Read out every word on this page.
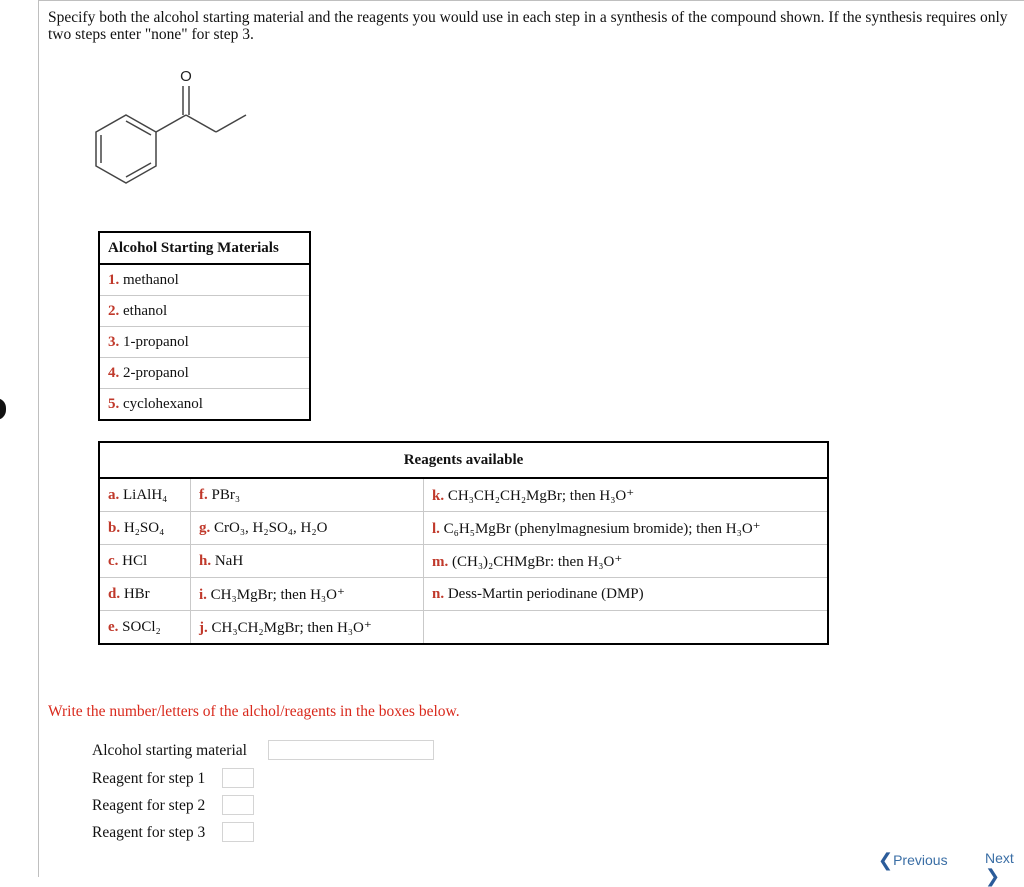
Specify both the alcohol starting material and the reagents you would use in each step in a synthesis of the compound shown. If the synthesis requires only two steps enter "none" for step 3.
O
Alcohol Starting Materials
1. methanol
2. ethanol
3. 1-propanol
4. 2-propanol
5. cyclohexanol
Reagents available		
a. LiAlH₄	f. PBr₃	k. CH₃CH₂CH₂MgBr; then H₃O⁺
b. H₂SO₄	g. CrO₃, H₂SO₄, H₂O	l. C₆H₅MgBr (phenylmagnesium bromide); then H₃O⁺
c. HCl	h. NaH	m. (CH₃)₂CHMgBr: then H₃O⁺
d. HBr	i. CH₃MgBr; then H₃O⁺	n. Dess-Martin periodinane (DMP)
e. SOCl₂	j. CH₃CH₂MgBr; then H₃O⁺	
Write the number/letters of the alchol/reagents in the boxes below.
Alcohol starting material
Reagent for step 1
Reagent for step 2
Reagent for step 3
❮Previous	Next❯
